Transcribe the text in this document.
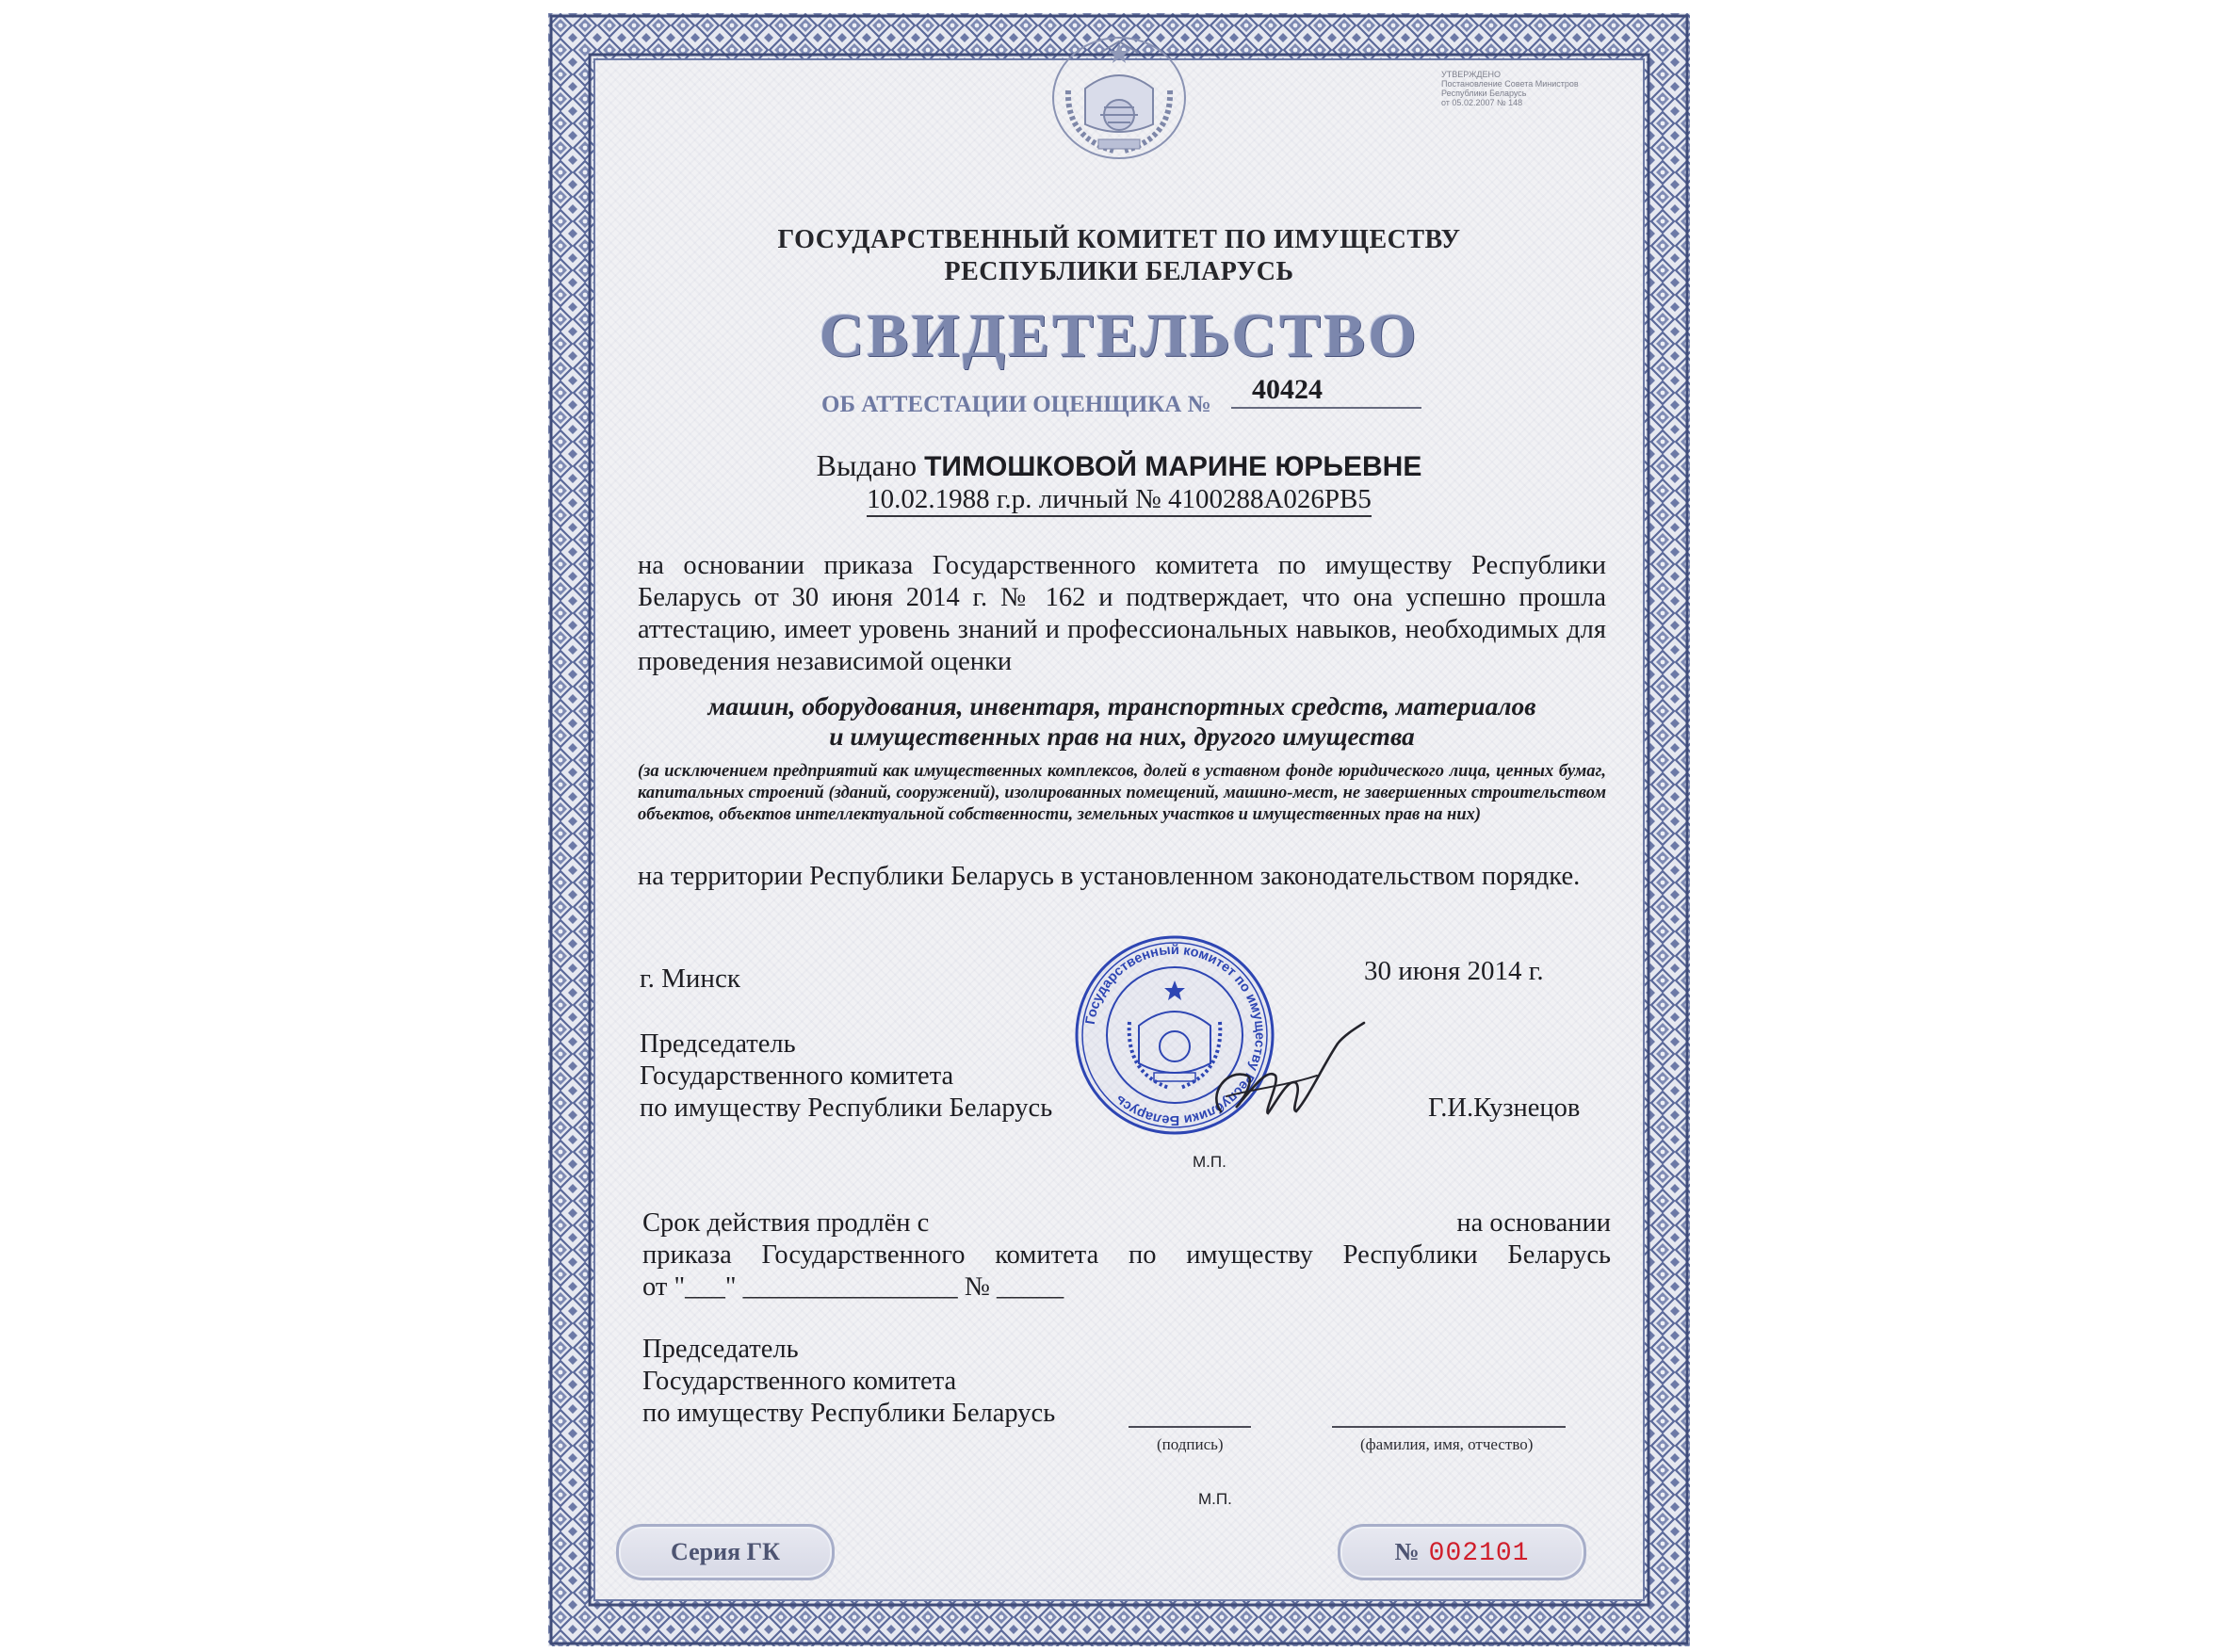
УТВЕРЖДЕНО
Постановление Совета Министров
Республики Беларусь
от 05.02.2007 № 148
ГОСУДАРСТВЕННЫЙ КОМИТЕТ ПО ИМУЩЕСТВУ
РЕСПУБЛИКИ БЕЛАРУСЬ
СВИДЕТЕЛЬСТВО
ОБ АТТЕСТАЦИИ ОЦЕНЩИКА №	40424
Выдано ТИМОШКОВОЙ МАРИНЕ ЮРЬЕВНЕ
10.02.1988 г.р. личный № 4100288А026РВ5
на основании приказа Государственного комитета по имуществу Республики Беларусь от 30 июня 2014 г. № 162 и подтверждает, что она успешно прошла аттестацию, имеет уровень знаний и профессиональных навыков, необходимых для проведения независимой оценки
машин, оборудования, инвентаря, транспортных средств, материалов
и имущественных прав на них, другого имущества
(за исключением предприятий как имущественных комплексов, долей в уставном фонде юридического лица, ценных бумаг, капитальных строений (зданий, сооружений), изолированных помещений, машино-мест, не завершенных строительством объектов, объектов интеллектуальной собственности, земельных участков и имущественных прав на них)
на территории Республики Беларусь в установленном законодательством порядке.
г. Минск	30 июня 2014 г.
Председатель
Государственного комитета
по имуществу Республики Беларусь
Государственный комитет по имуществу Республики Беларусь	Г.И.Кузнецов
М.П.
Срок действия продлён с	на основании
приказа Государственного комитета по имуществу Республики Беларусь
от "___" ________________ № _____
Председатель
Государственного комитета
по имуществу Республики Беларусь
(подпись)	(фамилия, имя, отчество)
М.П.
Серия ГК	№ 002101
